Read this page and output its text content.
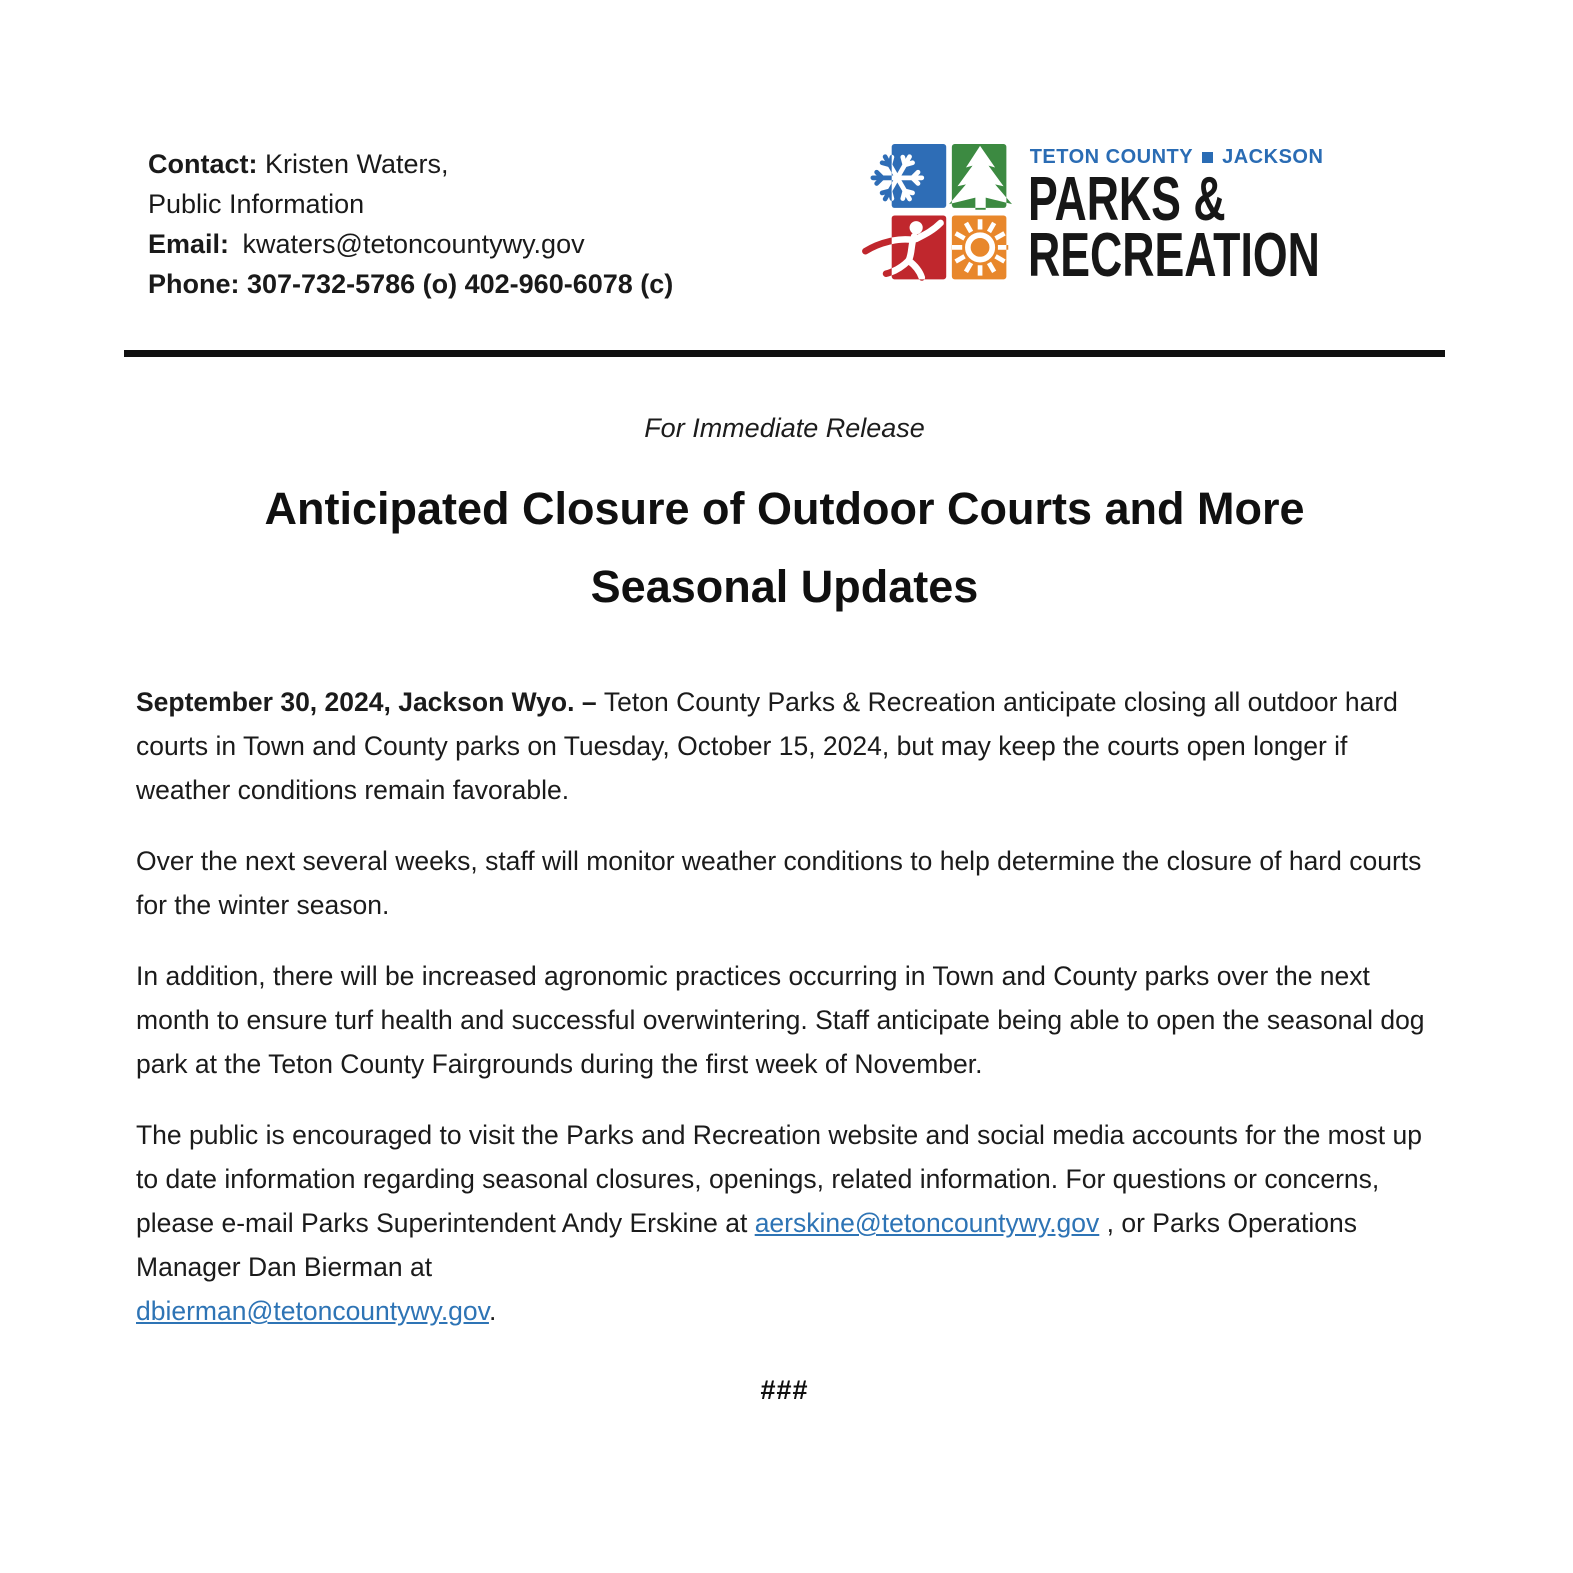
Contact: Kristen Waters,
Public Information
Email: kwaters@tetoncountywy.gov
Phone: 307-732-5786 (o) 402-960-6078 (c)
TETON COUNTY JACKSON
PARKS &
RECREATION
For Immediate Release
Anticipated Closure of Outdoor Courts and More
Seasonal Updates

September 30, 2024, Jackson Wyo. – Teton County Parks & Recreation anticipate closing all outdoor hard courts in Town and County parks on Tuesday, October 15, 2024, but may keep the courts open longer if weather conditions remain favorable.

Over the next several weeks, staff will monitor weather conditions to help determine the closure of hard courts for the winter season.

In addition, there will be increased agronomic practices occurring in Town and County parks over the next month to ensure turf health and successful overwintering. Staff anticipate being able to open the seasonal dog park at the Teton County Fairgrounds during the first week of November.

The public is encouraged to visit the Parks and Recreation website and social media accounts for the most up to date information regarding seasonal closures, openings, related information. For questions or concerns, please e-mail Parks Superintendent Andy Erskine at aerskine@tetoncountywy.gov , or Parks Operations Manager Dan Bierman at
dbierman@tetoncountywy.gov.

###
